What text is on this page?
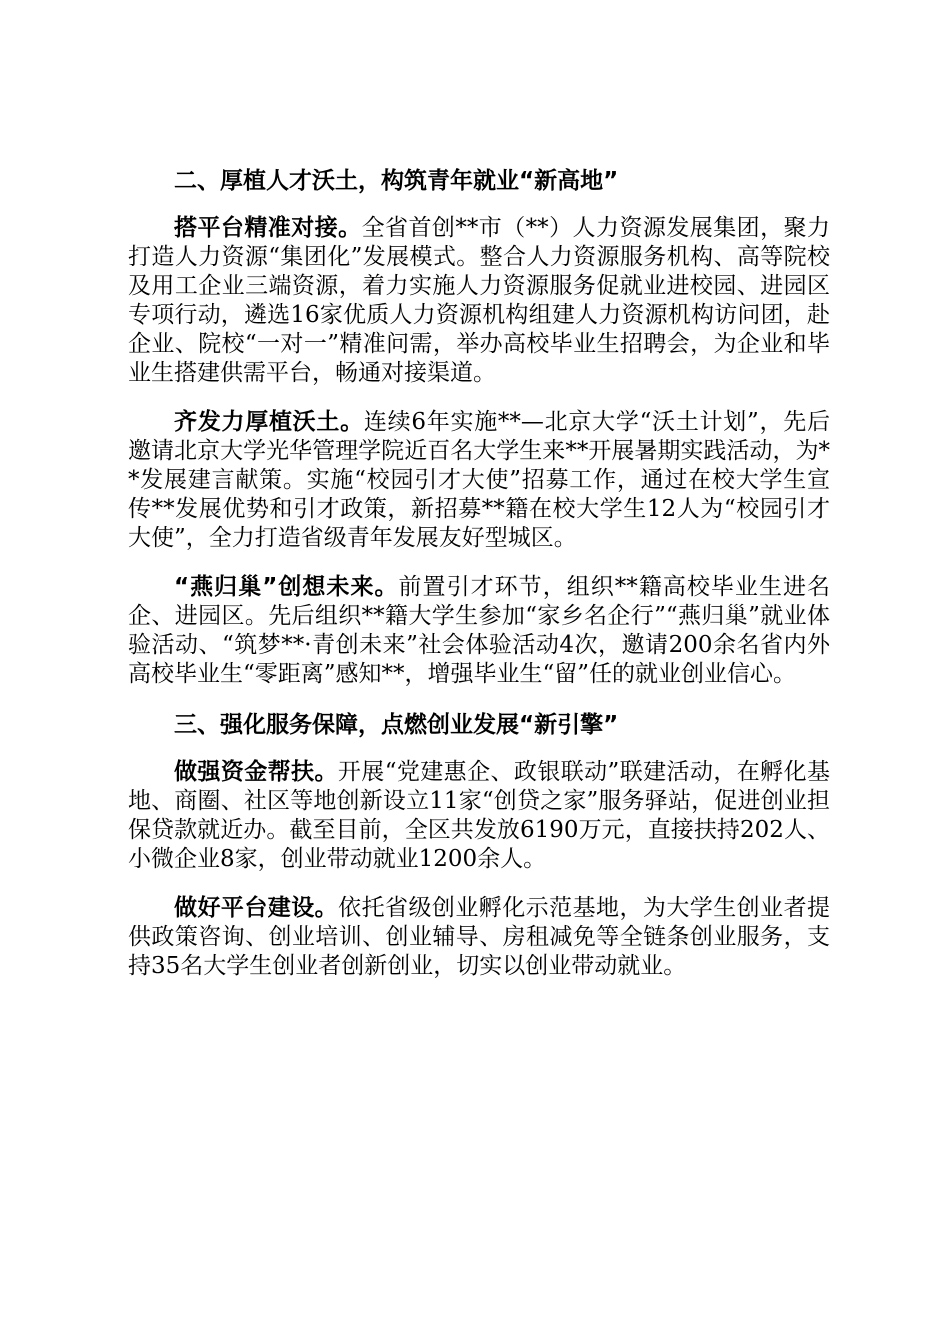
二、厚植人才沃土，构筑青年就业“新高地”

搭平台精准对接。全省首创**市（**）人力资源发展集团，聚力打造人力资源“集团化”发展模式。整合人力资源服务机构、高等院校及用工企业三端资源，着力实施人力资源服务促就业进校园、进园区专项行动，遴选16家优质人力资源机构组建人力资源机构访问团，赴企业、院校“一对一”精准问需，举办高校毕业生招聘会，为企业和毕业生搭建供需平台，畅通对接渠道。

齐发力厚植沃土。连续6年实施**—北京大学“沃土计划”，先后邀请北京大学光华管理学院近百名大学生来**开展暑期实践活动，为**发展建言献策。实施“校园引才大使”招募工作，通过在校大学生宣传**发展优势和引才政策，新招募**籍在校大学生12人为“校园引才大使”，全力打造省级青年发展友好型城区。

“燕归巢”创想未来。前置引才环节，组织**籍高校毕业生进名企、进园区。先后组织**籍大学生参加“家乡名企行”“燕归巢”就业体验活动、“筑梦**·青创未来”社会体验活动4次，邀请200余名省内外高校毕业生“零距离”感知**，增强毕业生“留”任的就业创业信心。

三、强化服务保障，点燃创业发展“新引擎”

做强资金帮扶。开展“党建惠企、政银联动”联建活动，在孵化基地、商圈、社区等地创新设立11家“创贷之家”服务驿站，促进创业担保贷款就近办。截至目前，全区共发放6190万元，直接扶持202人、小微企业8家，创业带动就业1200余人。

做好平台建设。依托省级创业孵化示范基地，为大学生创业者提供政策咨询、创业培训、创业辅导、房租减免等全链条创业服务，支持35名大学生创业者创新创业，切实以创业带动就业。
